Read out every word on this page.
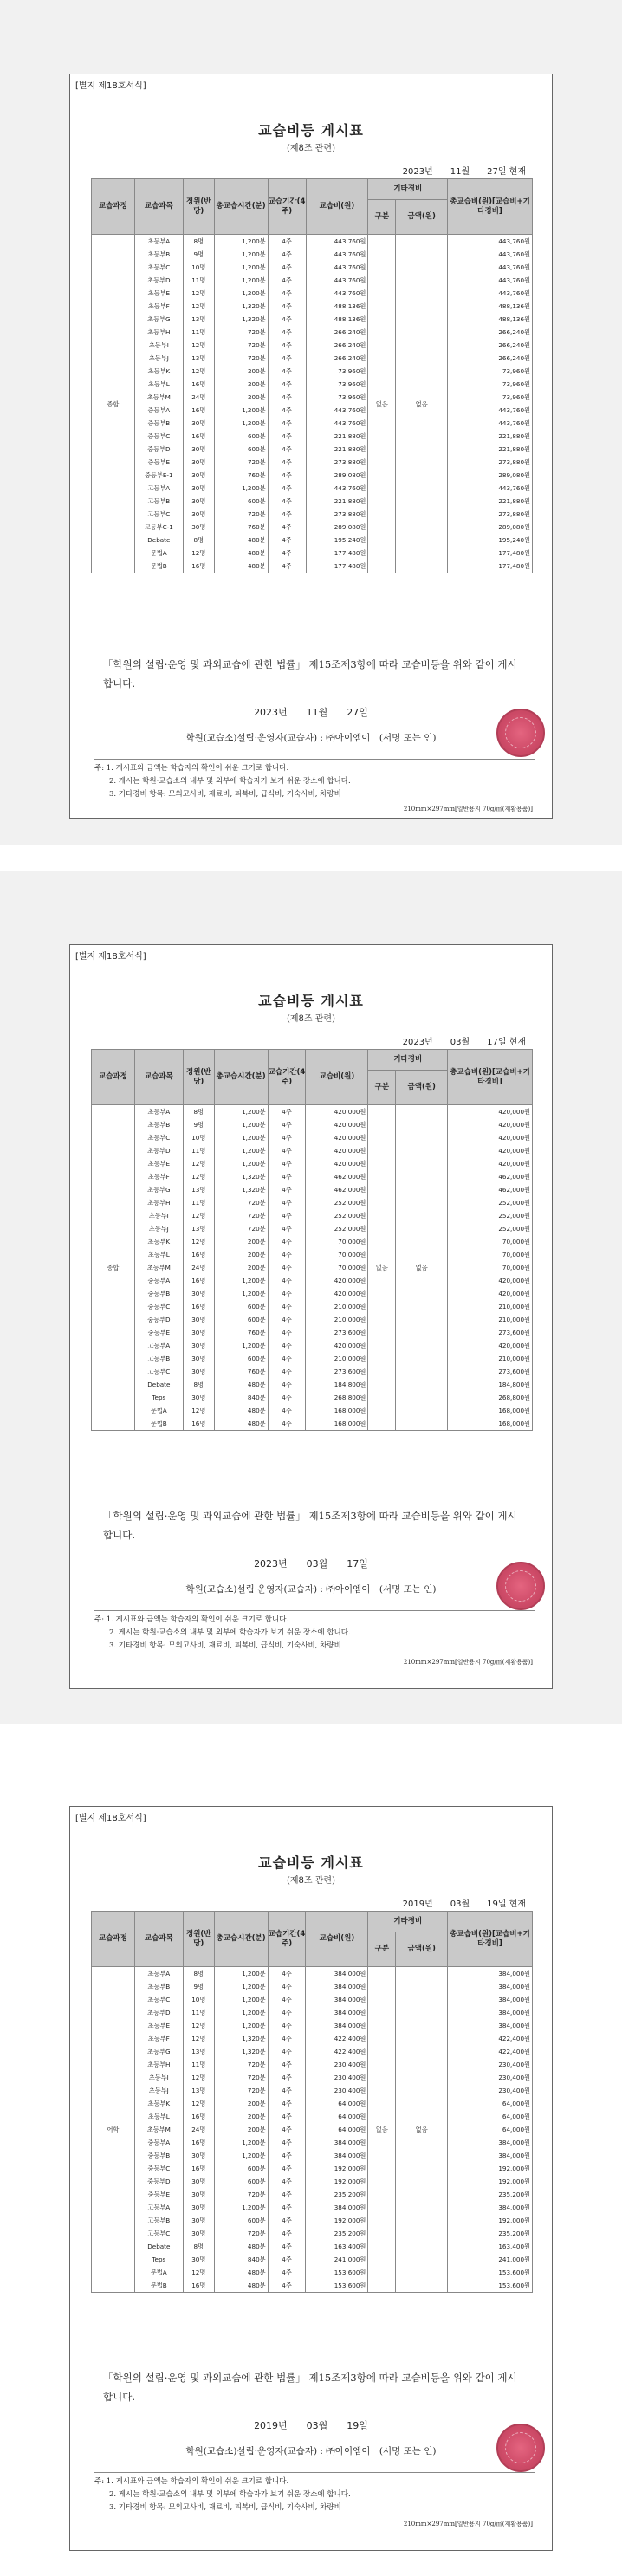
[별지 제18호서식]
교습비등 게시표
(제8조 관련)
2023년　　11월　　27일 현재
교습과정	교습과목	정원(반당)	총교습시간(분)	교습기간(4주)	교습비(원)	기타경비		총교습비(원)[교습비+기타경비]
						구분	금액(원)	
종합	초등부A	8명	1,200분	4주	443,760원	없음	없음	443,760원
	초등부B	9명	1,200분	4주	443,760원			443,760원
	초등부C	10명	1,200분	4주	443,760원			443,760원
	초등부D	11명	1,200분	4주	443,760원			443,760원
	초등부E	12명	1,200분	4주	443,760원			443,760원
	초등부F	12명	1,320분	4주	488,136원			488,136원
	초등부G	13명	1,320분	4주	488,136원			488,136원
	초등부H	11명	720분	4주	266,240원			266,240원
	초등부I	12명	720분	4주	266,240원			266,240원
	초등부J	13명	720분	4주	266,240원			266,240원
	초등부K	12명	200분	4주	73,960원			73,960원
	초등부L	16명	200분	4주	73,960원			73,960원
	초등부M	24명	200분	4주	73,960원			73,960원
	중등부A	16명	1,200분	4주	443,760원			443,760원
	중등부B	30명	1,200분	4주	443,760원			443,760원
	중등부C	16명	600분	4주	221,880원			221,880원
	중등부D	30명	600분	4주	221,880원			221,880원
	중등부E	30명	720분	4주	273,880원			273,880원
	중등부E-1	30명	760분	4주	289,080원			289,080원
	고등부A	30명	1,200분	4주	443,760원			443,760원
	고등부B	30명	600분	4주	221,880원			221,880원
	고등부C	30명	720분	4주	273,880원			273,880원
	고등부C-1	30명	760분	4주	289,080원			289,080원
	Debate	8명	480분	4주	195,240원			195,240원
	문법A	12명	480분	4주	177,480원			177,480원
	문법B	16명	480분	4주	177,480원			177,480원
「학원의 설립·운영 및 과외교습에 관한 법률」 제15조제3항에 따라 교습비등을 위와 같이 게시합니다.
2023년　　11월　　27일
학원(교습소)설립·운영자(교습자) : ㈜아이엠이　(서명 또는 인)
주: 1. 게시표와 금액는 학습자의 확인이 쉬운 크기로 합니다.
　　2. 게시는 학원·교습소의 내부 및 외부에 학습자가 보기 쉬운 장소에 합니다.
　　3. 기타경비 항목: 모의고사비, 재료비, 피복비, 급식비, 기숙사비, 차량비
210mm×297mm[일반용지 70g/㎡(재활용품)]
[별지 제18호서식]
교습비등 게시표
(제8조 관련)
2023년　　03월　　17일 현재
교습과정	교습과목	정원(반당)	총교습시간(분)	교습기간(4주)	교습비(원)	기타경비		총교습비(원)[교습비+기타경비]
						구분	금액(원)	
종합	초등부A	8명	1,200분	4주	420,000원	없음	없음	420,000원
	초등부B	9명	1,200분	4주	420,000원			420,000원
	초등부C	10명	1,200분	4주	420,000원			420,000원
	초등부D	11명	1,200분	4주	420,000원			420,000원
	초등부E	12명	1,200분	4주	420,000원			420,000원
	초등부F	12명	1,320분	4주	462,000원			462,000원
	초등부G	13명	1,320분	4주	462,000원			462,000원
	초등부H	11명	720분	4주	252,000원			252,000원
	초등부I	12명	720분	4주	252,000원			252,000원
	초등부J	13명	720분	4주	252,000원			252,000원
	초등부K	12명	200분	4주	70,000원			70,000원
	초등부L	16명	200분	4주	70,000원			70,000원
	초등부M	24명	200분	4주	70,000원			70,000원
	중등부A	16명	1,200분	4주	420,000원			420,000원
	중등부B	30명	1,200분	4주	420,000원			420,000원
	중등부C	16명	600분	4주	210,000원			210,000원
	중등부D	30명	600분	4주	210,000원			210,000원
	중등부E	30명	760분	4주	273,600원			273,600원
	고등부A	30명	1,200분	4주	420,000원			420,000원
	고등부B	30명	600분	4주	210,000원			210,000원
	고등부C	30명	760분	4주	273,600원			273,600원
	Debate	8명	480분	4주	184,800원			184,800원
	Teps	30명	840분	4주	268,800원			268,800원
	문법A	12명	480분	4주	168,000원			168,000원
	문법B	16명	480분	4주	168,000원			168,000원
「학원의 설립·운영 및 과외교습에 관한 법률」 제15조제3항에 따라 교습비등을 위와 같이 게시합니다.
2023년　　03월　　17일
학원(교습소)설립·운영자(교습자) : ㈜아이엠이　(서명 또는 인)
주: 1. 게시표와 금액는 학습자의 확인이 쉬운 크기로 합니다.
　　2. 게시는 학원·교습소의 내부 및 외부에 학습자가 보기 쉬운 장소에 합니다.
　　3. 기타경비 항목: 모의고사비, 재료비, 피복비, 급식비, 기숙사비, 차량비
210mm×297mm[일반용지 70g/㎡(재활용품)]
[별지 제18호서식]
교습비등 게시표
(제8조 관련)
2019년　　03월　　19일 현재
교습과정	교습과목	정원(반당)	총교습시간(분)	교습기간(4주)	교습비(원)	기타경비		총교습비(원)[교습비+기타경비]
						구분	금액(원)	
어학	초등부A	8명	1,200분	4주	384,000원	없음	없음	384,000원
	초등부B	9명	1,200분	4주	384,000원			384,000원
	초등부C	10명	1,200분	4주	384,000원			384,000원
	초등부D	11명	1,200분	4주	384,000원			384,000원
	초등부E	12명	1,200분	4주	384,000원			384,000원
	초등부F	12명	1,320분	4주	422,400원			422,400원
	초등부G	13명	1,320분	4주	422,400원			422,400원
	초등부H	11명	720분	4주	230,400원			230,400원
	초등부I	12명	720분	4주	230,400원			230,400원
	초등부J	13명	720분	4주	230,400원			230,400원
	초등부K	12명	200분	4주	64,000원			64,000원
	초등부L	16명	200분	4주	64,000원			64,000원
	초등부M	24명	200분	4주	64,000원			64,000원
	중등부A	16명	1,200분	4주	384,000원			384,000원
	중등부B	30명	1,200분	4주	384,000원			384,000원
	중등부C	16명	600분	4주	192,000원			192,000원
	중등부D	30명	600분	4주	192,000원			192,000원
	중등부E	30명	720분	4주	235,200원			235,200원
	고등부A	30명	1,200분	4주	384,000원			384,000원
	고등부B	30명	600분	4주	192,000원			192,000원
	고등부C	30명	720분	4주	235,200원			235,200원
	Debate	8명	480분	4주	163,400원			163,400원
	Teps	30명	840분	4주	241,000원			241,000원
	문법A	12명	480분	4주	153,600원			153,600원
	문법B	16명	480분	4주	153,600원			153,600원
「학원의 설립·운영 및 과외교습에 관한 법률」 제15조제3항에 따라 교습비등을 위와 같이 게시합니다.
2019년　　03월　　19일
학원(교습소)설립·운영자(교습자) : ㈜아이엠이　(서명 또는 인)
주: 1. 게시표와 금액는 학습자의 확인이 쉬운 크기로 합니다.
　　2. 게시는 학원·교습소의 내부 및 외부에 학습자가 보기 쉬운 장소에 합니다.
　　3. 기타경비 항목: 모의고사비, 재료비, 피복비, 급식비, 기숙사비, 차량비
210mm×297mm[일반용지 70g/㎡(재활용품)]
